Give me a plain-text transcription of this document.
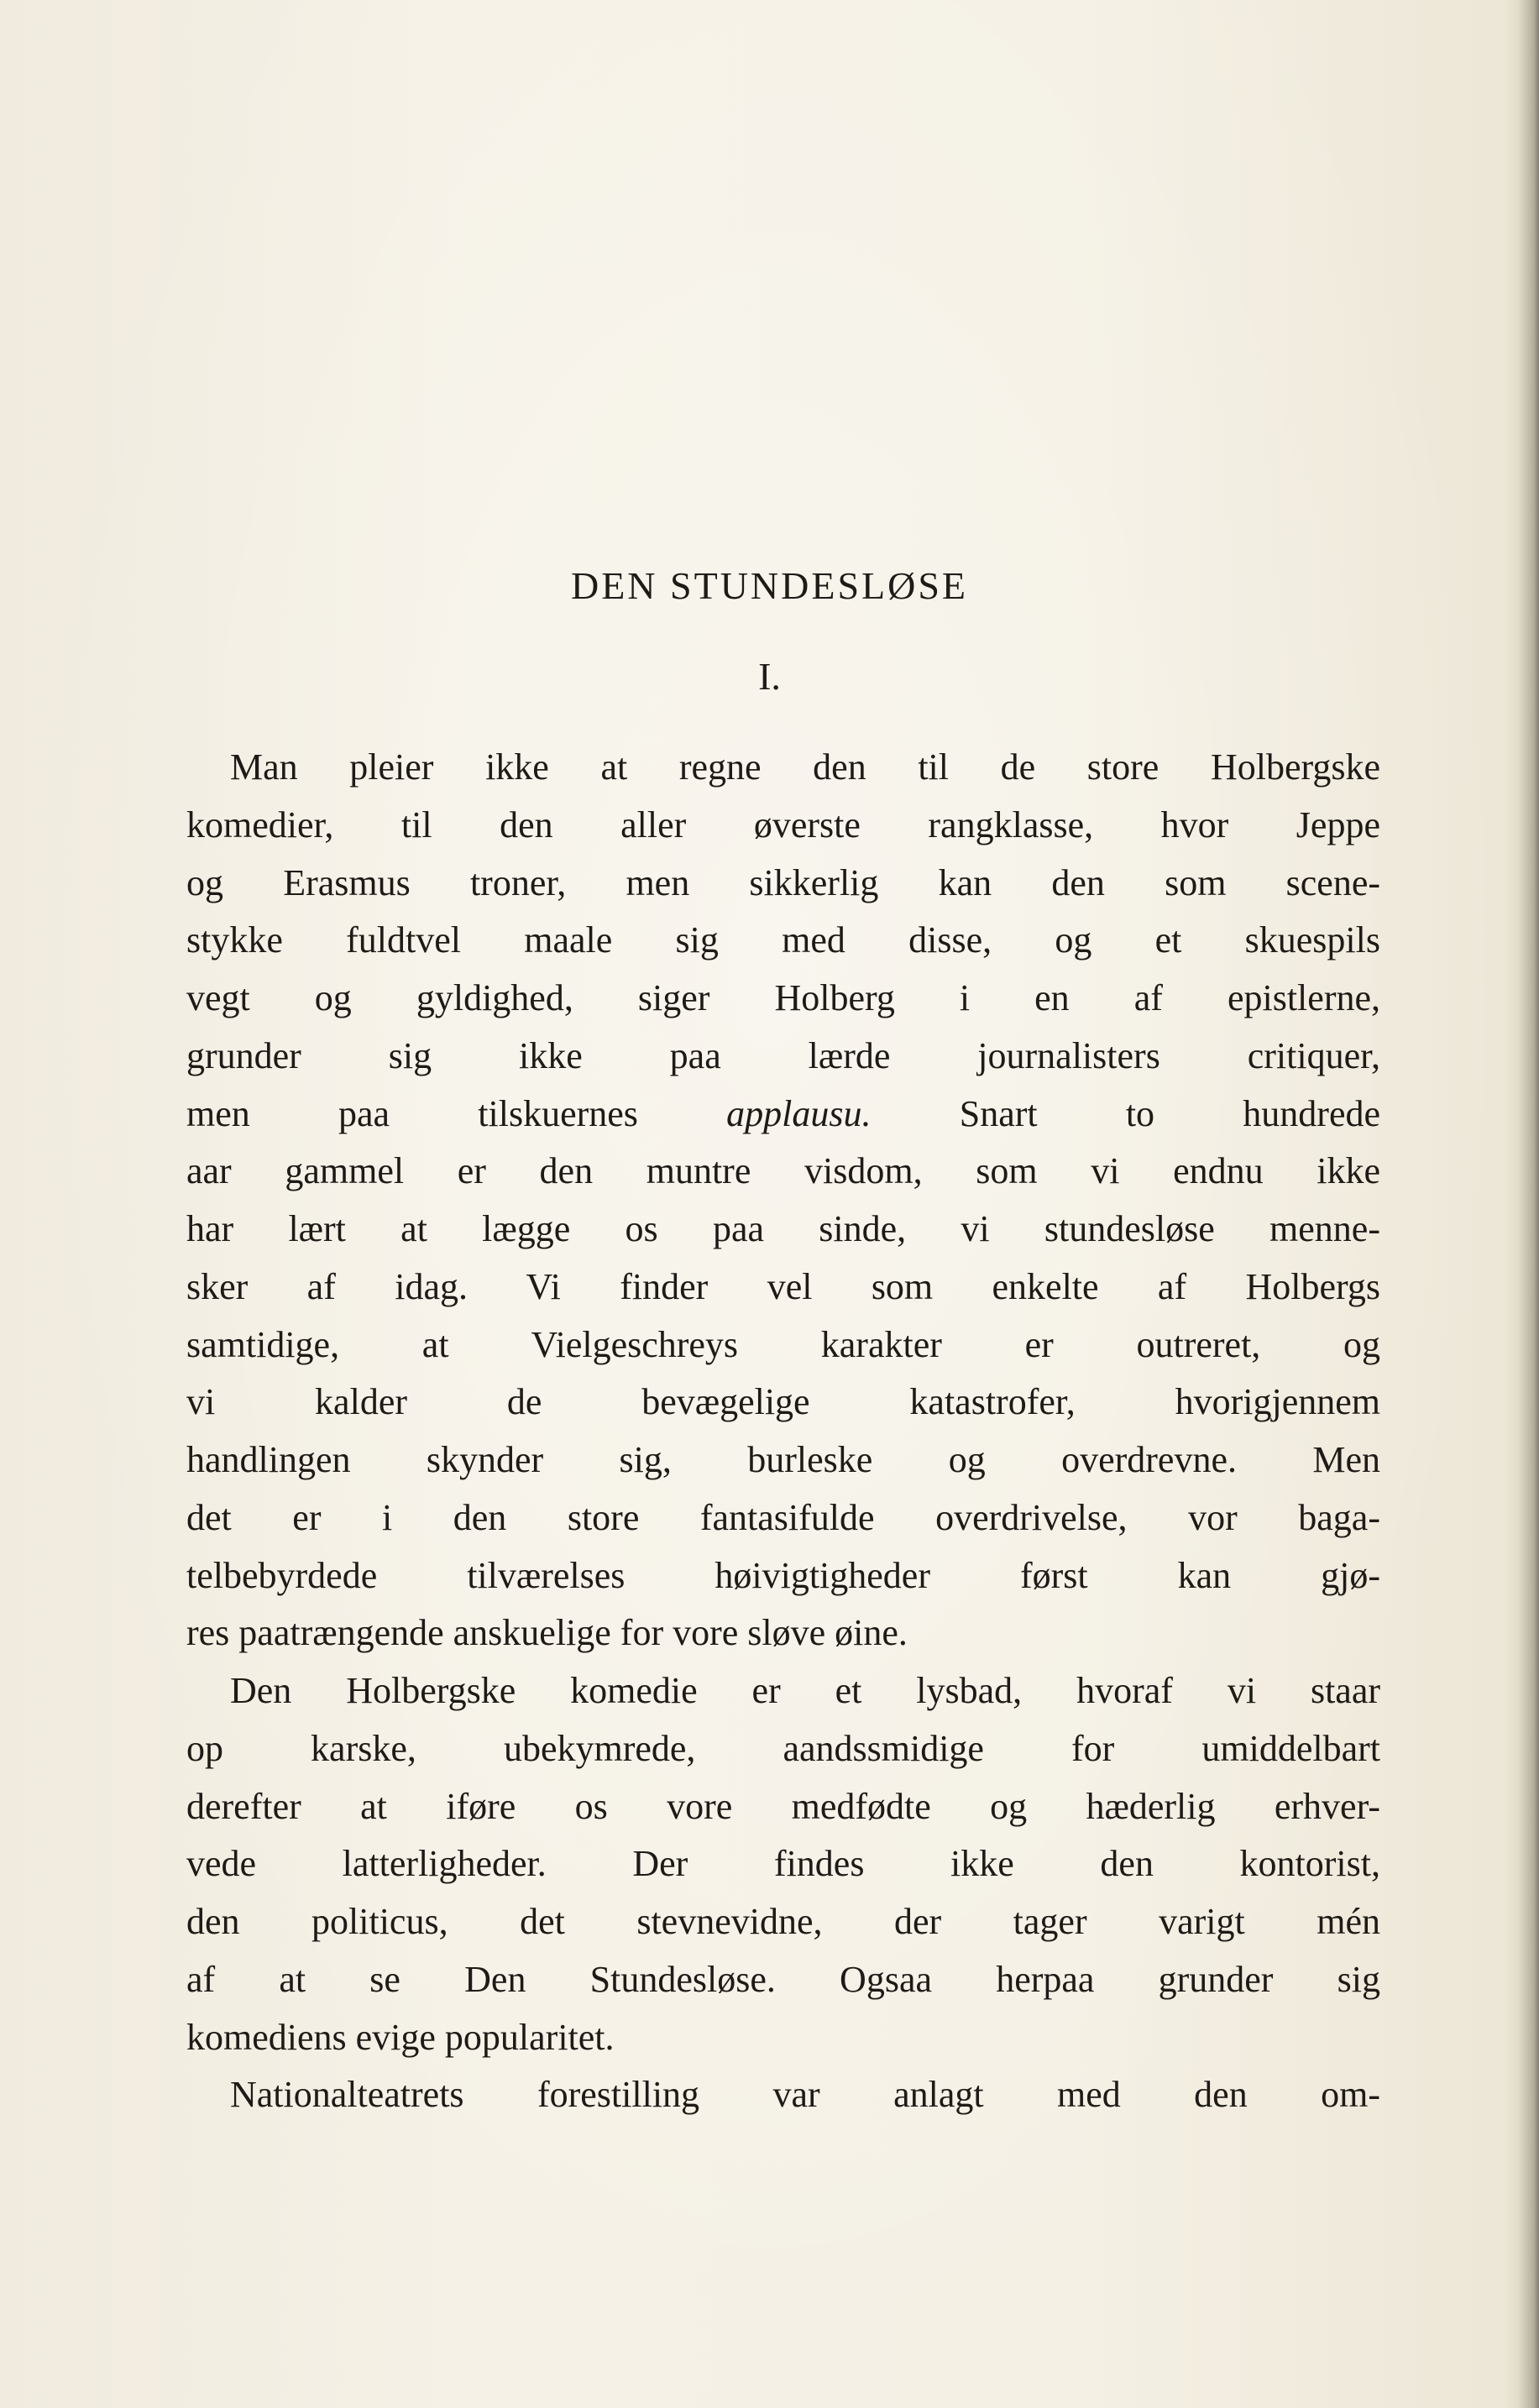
DEN STUNDESLØSE
I.
Man pleier ikke at regne den til de store Holbergske
komedier, til den aller øverste rangklasse, hvor Jeppe
og Erasmus troner, men sikkerlig kan den som scene-
stykke fuldtvel maale sig med disse, og et skuespils
vegt og gyldighed, siger Holberg i en af epistlerne,
grunder sig ikke paa lærde journalisters critiquer,
men paa tilskuernes applausu. Snart to hundrede
aar gammel er den muntre visdom, som vi endnu ikke
har lært at lægge os paa sinde, vi stundesløse menne-
sker af idag. Vi finder vel som enkelte af Holbergs
samtidige, at Vielgeschreys karakter er outreret, og
vi kalder de bevægelige katastrofer, hvorigjennem
handlingen skynder sig, burleske og overdrevne. Men
det er i den store fantasifulde overdrivelse, vor baga-
telbebyrdede tilværelses høivigtigheder først kan gjø-
res paatrængende anskuelige for vore sløve øine.
Den Holbergske komedie er et lysbad, hvoraf vi staar
op karske, ubekymrede, aandssmidige for umiddelbart
derefter at iføre os vore medfødte og hæderlig erhver-
vede latterligheder. Der findes ikke den kontorist,
den politicus, det stevnevidne, der tager varigt mén
af at se Den Stundesløse. Ogsaa herpaa grunder sig
komediens evige popularitet.
Nationalteatrets forestilling var anlagt med den om-
